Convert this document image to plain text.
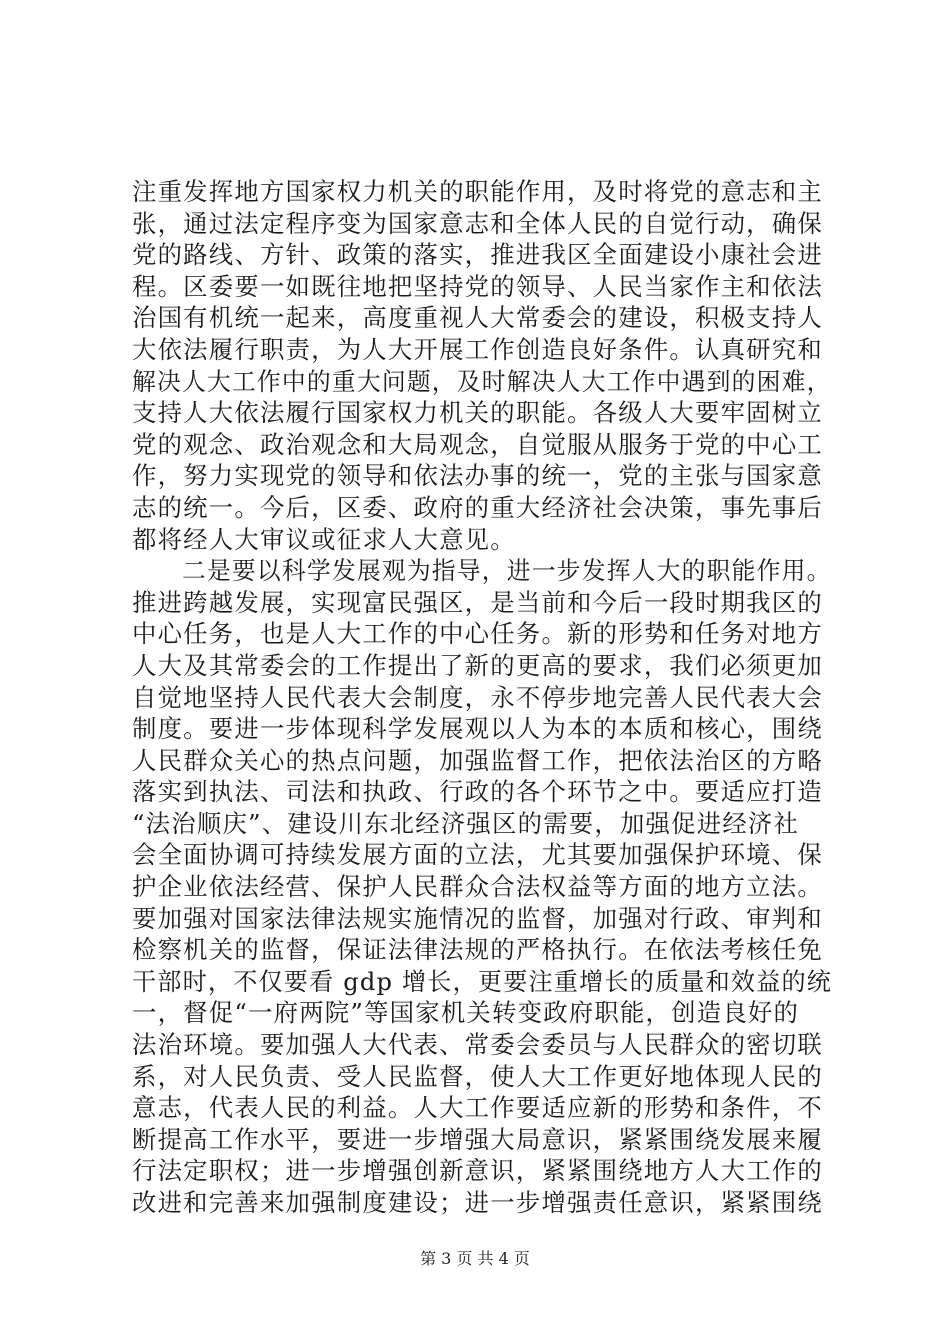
注重发挥地方国家权力机关的职能作用，及时将党的意志和主
张，通过法定程序变为国家意志和全体人民的自觉行动，确保
党的路线、方针、政策的落实，推进我区全面建设小康社会进
程。区委要一如既往地把坚持党的领导、人民当家作主和依法
治国有机统一起来，高度重视人大常委会的建设，积极支持人
大依法履行职责，为人大开展工作创造良好条件。认真研究和
解决人大工作中的重大问题，及时解决人大工作中遇到的困难，
支持人大依法履行国家权力机关的职能。各级人大要牢固树立
党的观念、政治观念和大局观念，自觉服从服务于党的中心工
作，努力实现党的领导和依法办事的统一，党的主张与国家意
志的统一。今后，区委、政府的重大经济社会决策，事先事后
都将经人大审议或征求人大意见。
　　二是要以科学发展观为指导，进一步发挥人大的职能作用。
推进跨越发展，实现富民强区，是当前和今后一段时期我区的
中心任务，也是人大工作的中心任务。新的形势和任务对地方
人大及其常委会的工作提出了新的更高的要求，我们必须更加
自觉地坚持人民代表大会制度，永不停步地完善人民代表大会
制度。要进一步体现科学发展观以人为本的本质和核心，围绕
人民群众关心的热点问题，加强监督工作，把依法治区的方略
落实到执法、司法和执政、行政的各个环节之中。要适应打造
“法治顺庆”、建设川东北经济强区的需要，加强促进经济社
会全面协调可持续发展方面的立法，尤其要加强保护环境、保
护企业依法经营、保护人民群众合法权益等方面的地方立法。
要加强对国家法律法规实施情况的监督，加强对行政、审判和
检察机关的监督，保证法律法规的严格执行。在依法考核任免
干部时，不仅要看 gdp 增长，更要注重增长的质量和效益的统
一，督促“一府两院”等国家机关转变政府职能，创造良好的
法治环境。要加强人大代表、常委会委员与人民群众的密切联
系，对人民负责、受人民监督，使人大工作更好地体现人民的
意志，代表人民的利益。人大工作要适应新的形势和条件，不
断提高工作水平，要进一步增强大局意识，紧紧围绕发展来履
行法定职权；进一步增强创新意识，紧紧围绕地方人大工作的
改进和完善来加强制度建设；进一步增强责任意识，紧紧围绕
第 3 页 共 4 页
